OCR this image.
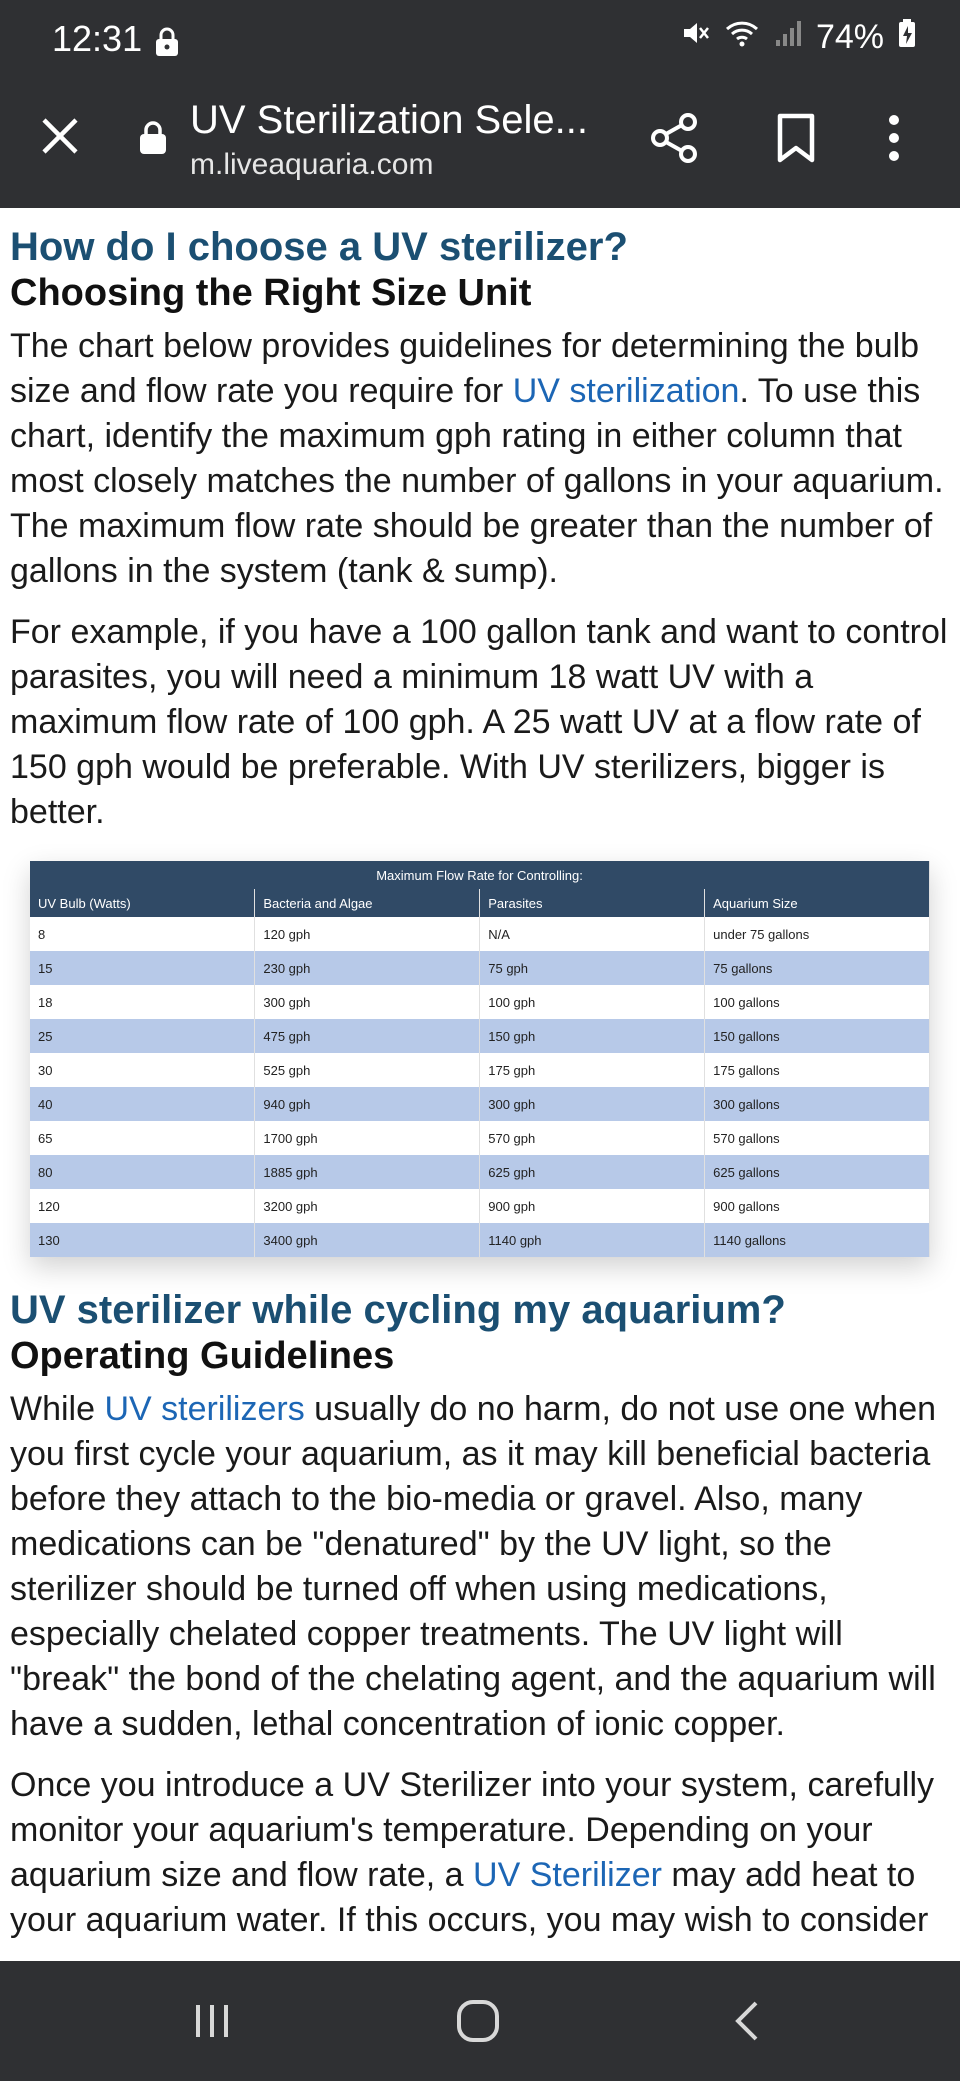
12:31	74%
UV Sterilization Sele...
m.liveaquaria.com
How do I choose a UV sterilizer?
Choosing the Right Size Unit

The chart below provides guidelines for determining the bulb size and flow rate you require for UV sterilization. To use this chart, identify the maximum gph rating in either column that most closely matches the number of gallons in your aquarium. The maximum flow rate should be greater than the number of gallons in the system (tank & sump).

For example, if you have a 100 gallon tank and want to control parasites, you will need a minimum 18 watt UV with a maximum flow rate of 100 gph. A 25 watt UV at a flow rate of 150 gph would be preferable. With UV sterilizers, bigger is better.

Maximum Flow Rate for Controlling:			
UV Bulb (Watts)	Bacteria and Algae	Parasites	Aquarium Size
8	120 gph	N/A	under 75 gallons
15	230 gph	75 gph	75 gallons
18	300 gph	100 gph	100 gallons
25	475 gph	150 gph	150 gallons
30	525 gph	175 gph	175 gallons
40	940 gph	300 gph	300 gallons
65	1700 gph	570 gph	570 gallons
80	1885 gph	625 gph	625 gallons
120	3200 gph	900 gph	900 gallons
130	3400 gph	1140 gph	1140 gallons
UV sterilizer while cycling my aquarium?
Operating Guidelines

While UV sterilizers usually do no harm, do not use one when you first cycle your aquarium, as it may kill beneficial bacteria before they attach to the bio-media or gravel. Also, many medications can be "denatured" by the UV light, so the sterilizer should be turned off when using medications, especially chelated copper treatments. The UV light will "break" the bond of the chelating agent, and the aquarium will have a sudden, lethal concentration of ionic copper.

Once you introduce a UV Sterilizer into your system, carefully monitor your aquarium's temperature. Depending on your aquarium size and flow rate, a UV Sterilizer may add heat to your aquarium water. If this occurs, you may wish to consider
